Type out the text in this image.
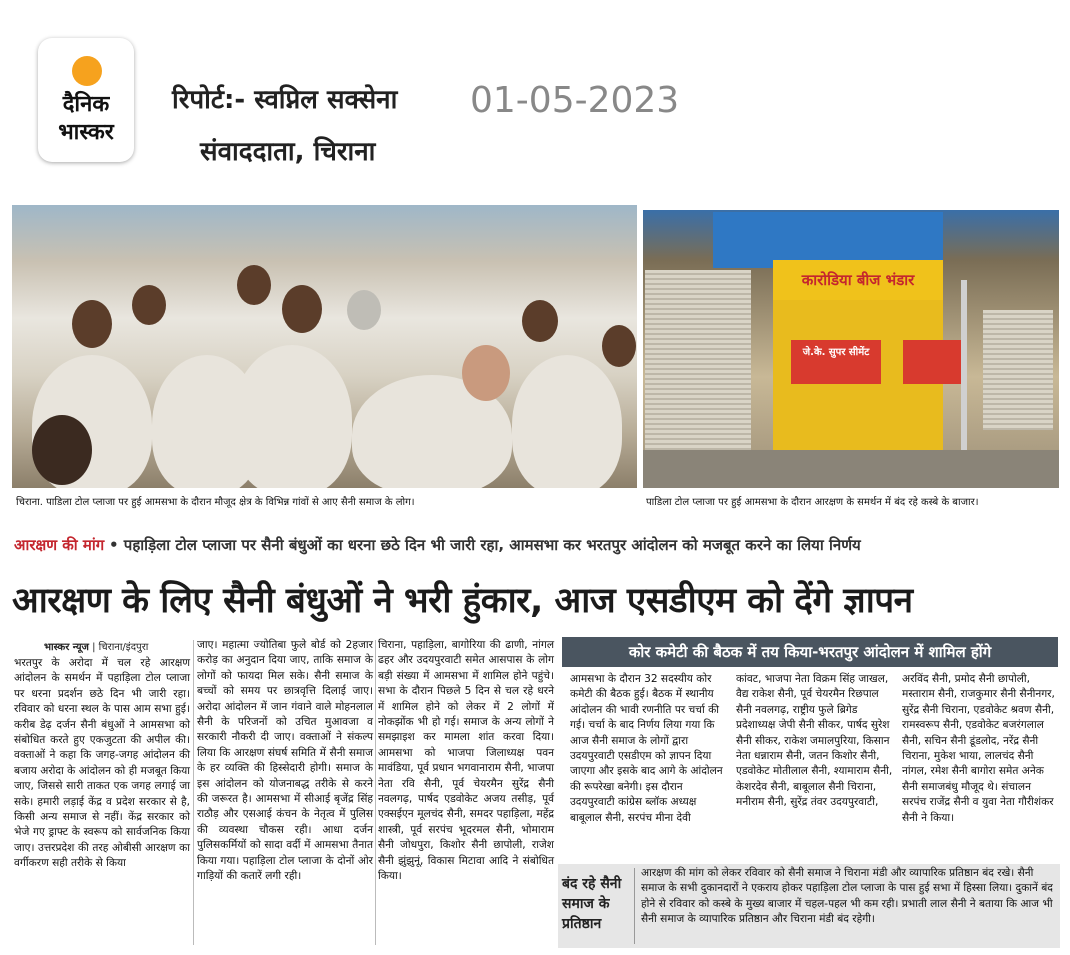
दैनिक
भास्कर
रिपोर्ट:- स्वप्निल सक्सेना 01-05-2023
संवाददाता, चिराना
चिराना. पाडिला टोल प्लाजा पर हुई आमसभा के दौरान मौजूद क्षेत्र के विभिन्न गांवों से आए सैनी समाज के लोग।
कारोडिया बीज भंडार
जे.के. सुपर सीमेंट
पाडिला टोल प्लाजा पर हुई आमसभा के दौरान आरक्षण के समर्थन में बंद रहे कस्बे के बाजार।
आरक्षण की मांग • पहाड़िला टोल प्लाजा पर सैनी बंधुओं का धरना छठे दिन भी जारी रहा, आमसभा कर भरतपुर आंदोलन को मजबूत करने का लिया निर्णय
आरक्षण के लिए सैनी बंधुओं ने भरी हुंकार, आज एसडीएम को देंगे ज्ञापन
भास्कर न्यूज | चिराना/इंदपुरा
भरतपुर के अरोदा में चल रहे आरक्षण आंदोलन के समर्थन में पहाड़िला टोल प्लाजा पर धरना प्रदर्शन छठे दिन भी जारी रहा। रविवार को धरना स्थल के पास आम सभा हुई। करीब डेढ़ दर्जन सैनी बंधुओं ने आमसभा को संबोधित करते हुए एकजुटता की अपील की। वक्ताओं ने कहा कि जगह-जगह आंदोलन की बजाय अरोदा के आंदोलन को ही मजबूत किया जाए, जिससे सारी ताकत एक जगह लगाई जा सके। हमारी लड़ाई केंद्र व प्रदेश सरकार से है, किसी अन्य समाज से नहीं। केंद्र सरकार को भेजे गए ड्राफ्ट के स्वरूप को सार्वजनिक किया जाए। उत्तरप्रदेश की तरह ओबीसी आरक्षण का वर्गीकरण सही तरीके से किया
जाए। महात्मा ज्योतिबा फुले बोर्ड को 2हजार करोड़ का अनुदान दिया जाए, ताकि समाज के लोगों को फायदा मिल सके। सैनी समाज के बच्चों को समय पर छात्रवृत्ति दिलाई जाए। अरोदा आंदोलन में जान गंवाने वाले मोहनलाल सैनी के परिजनों को उचित मुआवजा व सरकारी नौकरी दी जाए। वक्ताओं ने संकल्प लिया कि आरक्षण संघर्ष समिति में सैनी समाज के हर व्यक्ति की हिस्सेदारी होगी। समाज के इस आंदोलन को योजनाबद्ध तरीके से करने की जरूरत है। आमसभा में सीआई बृजेंद्र सिंह राठौड़ और एसआई कंचन के नेतृत्व में पुलिस की व्यवस्था चौकस रही। आधा दर्जन पुलिसकर्मियों को सादा वर्दी में आमसभा तैनात किया गया। पहाड़िला टोल प्लाजा के दोनों ओर गाड़ियों की कतारें लगी रही।
चिराना, पहाड़िला, बागोरिया की ढाणी, नांगल ढहर और उदयपुरवाटी समेत आसपास के लोग बड़ी संख्या में आमसभा में शामिल होने पहुंचे। सभा के दौरान पिछले 5 दिन से चल रहे धरने में शामिल होने को लेकर में 2 लोगों में नोकझोंक भी हो गई। समाज के अन्य लोगों ने समझाइश कर मामला शांत करवा दिया। आमसभा को भाजपा जिलाध्यक्ष पवन मावंडिया, पूर्व प्रधान भगवानाराम सैनी, भाजपा नेता रवि सैनी, पूर्व चेयरमैन सुरेंद्र सैनी नवलगढ़, पार्षद एडवोकेट अजय तसीड़, पूर्व एक्सईएन मूलचंद सैनी, समदर पहाड़िला, महेंद्र शास्त्री, पूर्व सरपंच भूदरमल सैनी, भोमाराम सैनी जोधपुरा, किशोर सैनी छापोली, राजेश सैनी झुंझुनूं, विकास मिटावा आदि ने संबोधित किया।
कोर कमेटी की बैठक में तय किया-भरतपुर आंदोलन में शामिल होंगे
आमसभा के दौरान 32 सदस्यीय कोर कमेटी की बैठक हुई। बैठक में स्थानीय आंदोलन की भावी रणनीति पर चर्चा की गई। चर्चा के बाद निर्णय लिया गया कि आज सैनी समाज के लोगों द्वारा उदयपुरवाटी एसडीएम को ज्ञापन दिया जाएगा और इसके बाद आगे के आंदोलन की रूपरेखा बनेगी। इस दौरान उदयपुरवाटी कांग्रेस ब्लॉक अध्यक्ष बाबूलाल सैनी, सरपंच मीना देवी
कांवट, भाजपा नेता विक्रम सिंह जाखल, वैद्य राकेश सैनी, पूर्व चेयरमैन रिछपाल सैनी नवलगढ़, राष्ट्रीय फुले ब्रिगेड प्रदेशाध्यक्ष जेपी सैनी सीकर, पार्षद सुरेश सैनी सीकर, राकेश जमालपुरिया, किसान नेता धन्नाराम सैनी, जतन किशोर सैनी, एडवोकेट मोतीलाल सैनी, श्यामाराम सैनी, केशरदेव सैनी, बाबूलाल सैनी चिराना, मनीराम सैनी, सुरेंद्र तंवर उदयपुरवाटी,
अरविंद सैनी, प्रमोद सैनी छापोली, मस्ताराम सैनी, राजकुमार सैनी सैनीनगर, सुरेंद्र सैनी चिराना, एडवोकेट श्रवण सैनी, रामस्वरूप सैनी, एडवोकेट बजरंगलाल सैनी, सचिन सैनी डूंडलोद, नरेंद्र सैनी चिराना, मुकेश भाया, लालचंद सैनी नांगल, रमेश सैनी बागोरा समेत अनेक सैनी समाजबंधु मौजूद थे। संचालन सरपंच राजेंद्र सैनी व युवा नेता गौरीशंकर सैनी ने किया।
बंद रहे सैनी समाज के प्रतिष्ठान
आरक्षण की मांग को लेकर रविवार को सैनी समाज ने चिराना मंडी और व्यापारिक प्रतिष्ठान बंद रखे। सैनी समाज के सभी दुकानदारों ने एकराय होकर पहाड़िला टोल प्लाजा के पास हुई सभा में हिस्सा लिया। दुकानें बंद होने से रविवार को कस्बे के मुख्य बाजार में चहल-पहल भी कम रही। प्रभाती लाल सैनी ने बताया कि आज भी सैनी समाज के व्यापारिक प्रतिष्ठान और चिराना मंडी बंद रहेगी।
